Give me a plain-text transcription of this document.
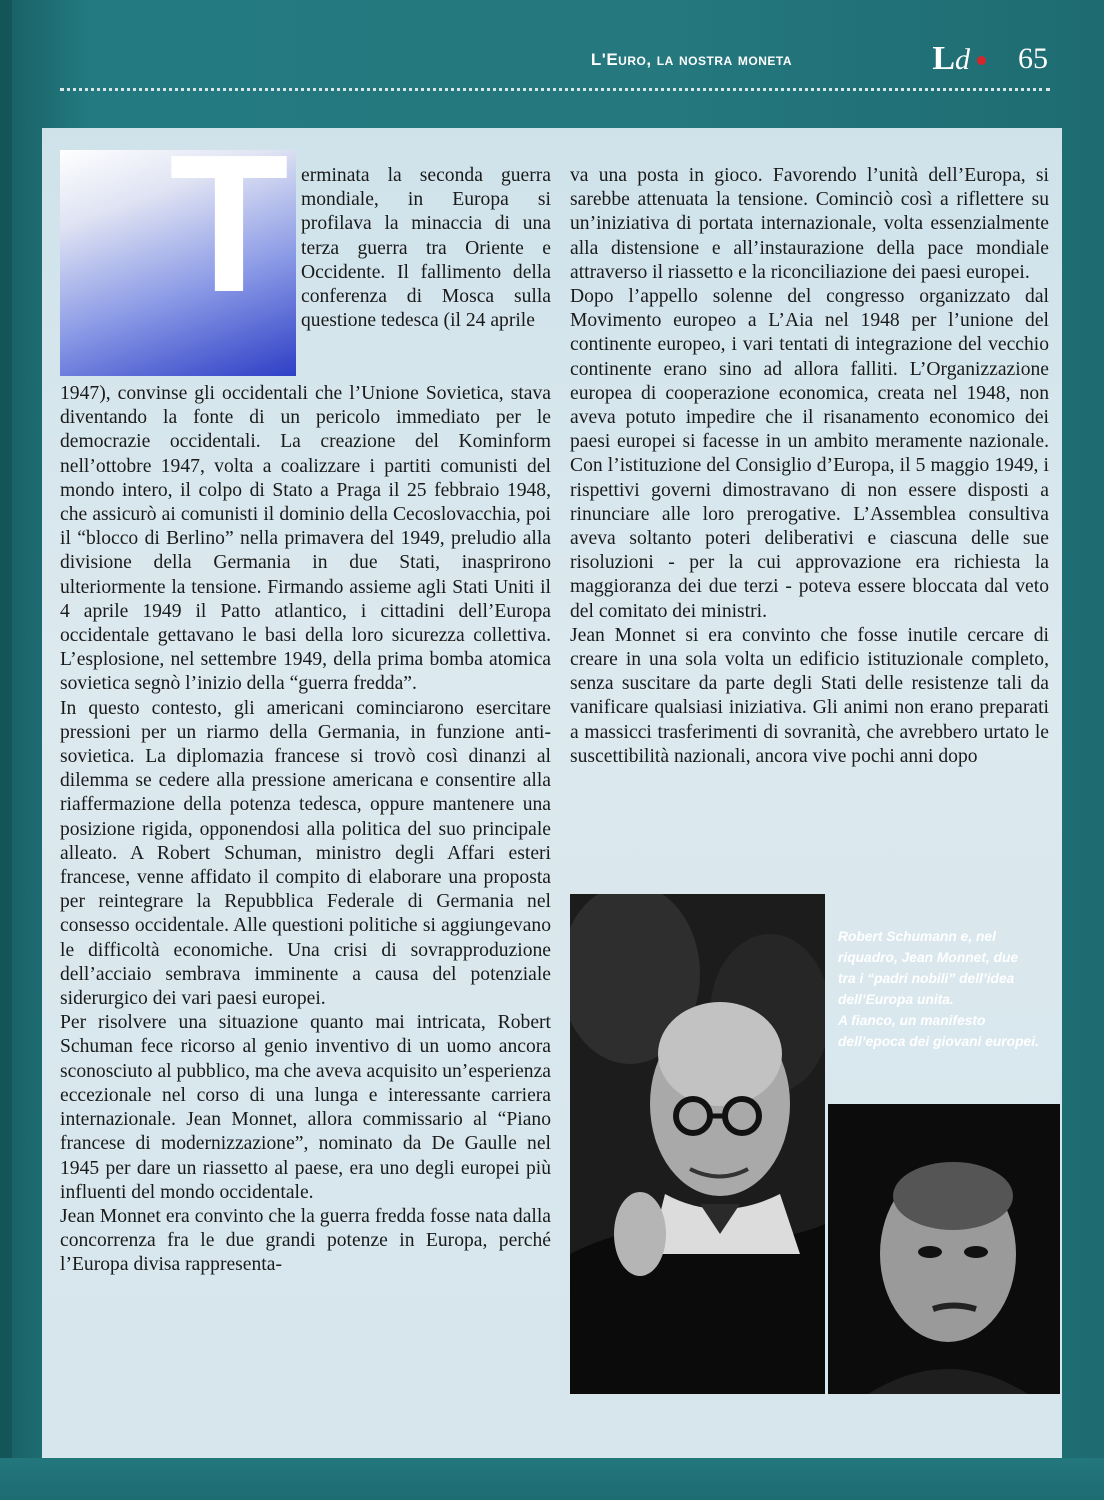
L'Euro, la nostra moneta	Ld 65
T erminata la seconda guerra mondiale, in Europa si profilava la minaccia di una terza guerra tra Oriente e Occidente. Il fallimento della conferenza di Mosca sulla questione tedesca (il 24 aprile

1947), convinse gli occidentali che l’Unione Sovietica, stava diventando la fonte di un pericolo immediato per le democrazie occidentali. La creazione del Kominform nell’ottobre 1947, volta a coalizzare i partiti comunisti del mondo intero, il colpo di Stato a Praga il 25 febbraio 1948, che assicurò ai comunisti il dominio della Cecoslovacchia, poi il “blocco di Berlino” nella primavera del 1949, preludio alla divisione della Germania in due Stati, inasprirono ulteriormente la tensione. Firmando assieme agli Stati Uniti il 4 aprile 1949 il Patto atlantico, i cittadini dell’Europa occidentale gettavano le basi della loro sicurezza collettiva. L’esplosione, nel settembre 1949, della prima bomba atomica sovietica segnò l’inizio della “guerra fredda”.

In questo contesto, gli americani cominciarono esercitare pressioni per un riarmo della Germania, in funzione anti-sovietica. La diplomazia francese si trovò così dinanzi al dilemma se cedere alla pressione americana e consentire alla riaffermazione della potenza tedesca, oppure mantenere una posizione rigida, opponendosi alla politica del suo principale alleato. A Robert Schuman, ministro degli Affari esteri francese, venne affidato il compito di elaborare una proposta per reintegrare la Repubblica Federale di Germania nel consesso occidentale. Alle questioni politiche si aggiungevano le difficoltà economiche. Una crisi di sovrapproduzione dell’acciaio sembrava imminente a causa del potenziale siderurgico dei vari paesi europei.

Per risolvere una situazione quanto mai intricata, Robert Schuman fece ricorso al genio inventivo di un uomo ancora sconosciuto al pubblico, ma che aveva acquisito un’esperienza eccezionale nel corso di una lunga e interessante carriera internazionale. Jean Monnet, allora commissario al “Piano francese di modernizzazione”, nominato da De Gaulle nel 1945 per dare un riassetto al paese, era uno degli europei più influenti del mondo occidentale.

Jean Monnet era convinto che la guerra fredda fosse nata dalla concorrenza fra le due grandi potenze in Europa, perché l’Europa divisa rappresenta-

va una posta in gioco. Favorendo l’unità dell’Europa, si sarebbe attenuata la tensione. Cominciò così a riflettere su un’iniziativa di portata internazionale, volta essenzialmente alla distensione e all’instaurazione della pace mondiale attraverso il riassetto e la riconciliazione dei paesi europei.

Dopo l’appello solenne del congresso organizzato dal Movimento europeo a L’Aia nel 1948 per l’unione del continente europeo, i vari tentati di integrazione del vecchio continente erano sino ad allora falliti. L’Organizzazione europea di cooperazione economica, creata nel 1948, non aveva potuto impedire che il risanamento economico dei paesi europei si facesse in un ambito meramente nazionale. Con l’istituzione del Consiglio d’Europa, il 5 maggio 1949, i rispettivi governi dimostravano di non essere disposti a rinunciare alle loro prerogative. L’Assemblea consultiva aveva soltanto poteri deliberativi e ciascuna delle sue risoluzioni - per la cui approvazione era richiesta la maggioranza dei due terzi - poteva essere bloccata dal veto del comitato dei ministri.

Jean Monnet si era convinto che fosse inutile cercare di creare in una sola volta un edificio istituzionale completo, senza suscitare da parte degli Stati delle resistenze tali da vanificare qualsiasi iniziativa. Gli animi non erano preparati a massicci trasferimenti di sovranità, che avrebbero urtato le suscettibilità nazionali, ancora vive pochi anni dopo

Robert Schumann e, nel
riquadro, Jean Monnet, due
tra i “padri nobili” dell’idea
dell’Europa unita.
A fianco, un manifesto
dell’epoca dei giovani europei.
